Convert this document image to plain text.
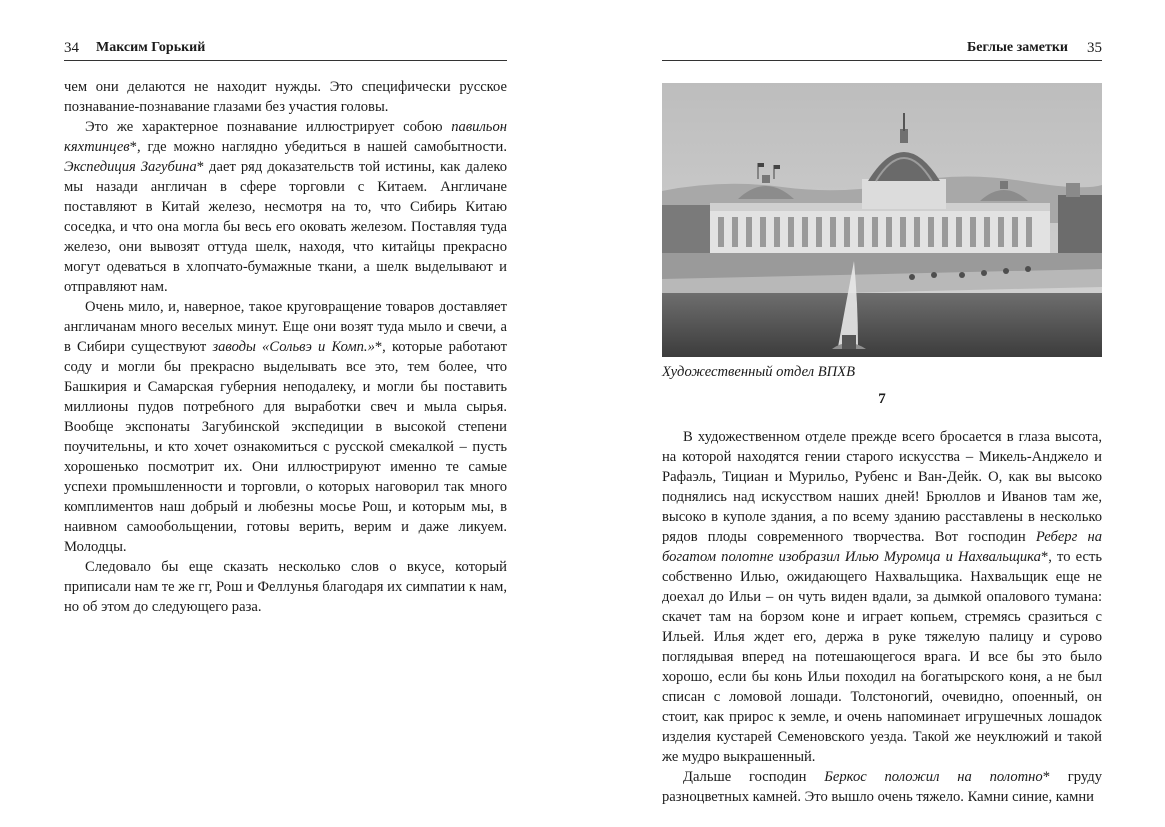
34 Максим Горький

чем они делаются не находит нужды. Это специфически русское познавание-познавание глазами без участия головы.

Это же характерное познавание иллюстрирует собою павильон кяхтинцев*, где можно наглядно убедиться в нашей самобытности. Экспедиция Загубина* дает ряд доказательств той истины, как далеко мы назади англичан в сфере торговли с Китаем. Англичане поставляют в Китай железо, несмотря на то, что Сибирь Китаю соседка, и что она могла бы весь его оковать железом. Поставляя туда железо, они вывозят оттуда шелк, находя, что китайцы прекрасно могут одеваться в хлопчато-бумажные ткани, а шелк выделывают и отправляют нам.

Очень мило, и, наверное, такое круговращение товаров доставляет англичанам много веселых минут. Еще они возят туда мыло и свечи, а в Сибири существуют заводы «Сольвэ и Комп.»*, которые работают соду и могли бы прекрасно выделывать все это, тем более, что Башкирия и Самарская губерния неподалеку, и могли бы поставить миллионы пудов потребного для выработки свеч и мыла сырья. Вообще экспонаты Загубинской экспедиции в высокой степени поучительны, и кто хочет ознакомиться с русской смекалкой – пусть хорошенько посмотрит их. Они иллюстрируют именно те самые успехи промышленности и торговли, о которых наговорил так много комплиментов наш добрый и любезны мосье Рош, и которым мы, в наивном самообольщении, готовы верить, верим и даже ликуем. Молодцы.

Следовало бы еще сказать несколько слов о вкусе, который приписали нам те же гг, Рош и Феллунья благодаря их симпатии к нам, но об этом до следующего раза.

Беглые заметки 35
Художественный отдел ВПХВ
7

В художественном отделе прежде всего бросается в глаза высота, на которой находятся гении старого искусства – Микель-Анджело и Рафаэль, Тициан и Мурильо, Рубенс и Ван-Дейк. О, как вы высоко поднялись над искусством наших дней! Брюллов и Иванов там же, высоко в куполе здания, а по всему зданию расставлены в несколько рядов плоды современного творчества. Вот господин Реберг на богатом полотне изобразил Илью Муромца и Нахвальщика*, то есть собственно Илью, ожидающего Нахвальщика. Нахвальщик еще не доехал до Ильи – он чуть виден вдали, за дымкой опалового тумана: скачет там на борзом коне и играет копьем, стремясь сразиться с Ильей. Илья ждет его, держа в руке тяжелую палицу и сурово поглядывая вперед на потешающегося врага. И все бы это было хорошо, если бы конь Ильи походил на богатырского коня, а не был списан с ломовой лошади. Толстоногий, очевидно, опоенный, он стоит, как прирос к земле, и очень напоминает игрушечных лошадок изделия кустарей Семеновского уезда. Такой же неуклюжий и такой же мудро выкрашенный.

Дальше господин Беркос положил на полотно* груду разноцветных камней. Это вышло очень тяжело. Камни синие, камни
